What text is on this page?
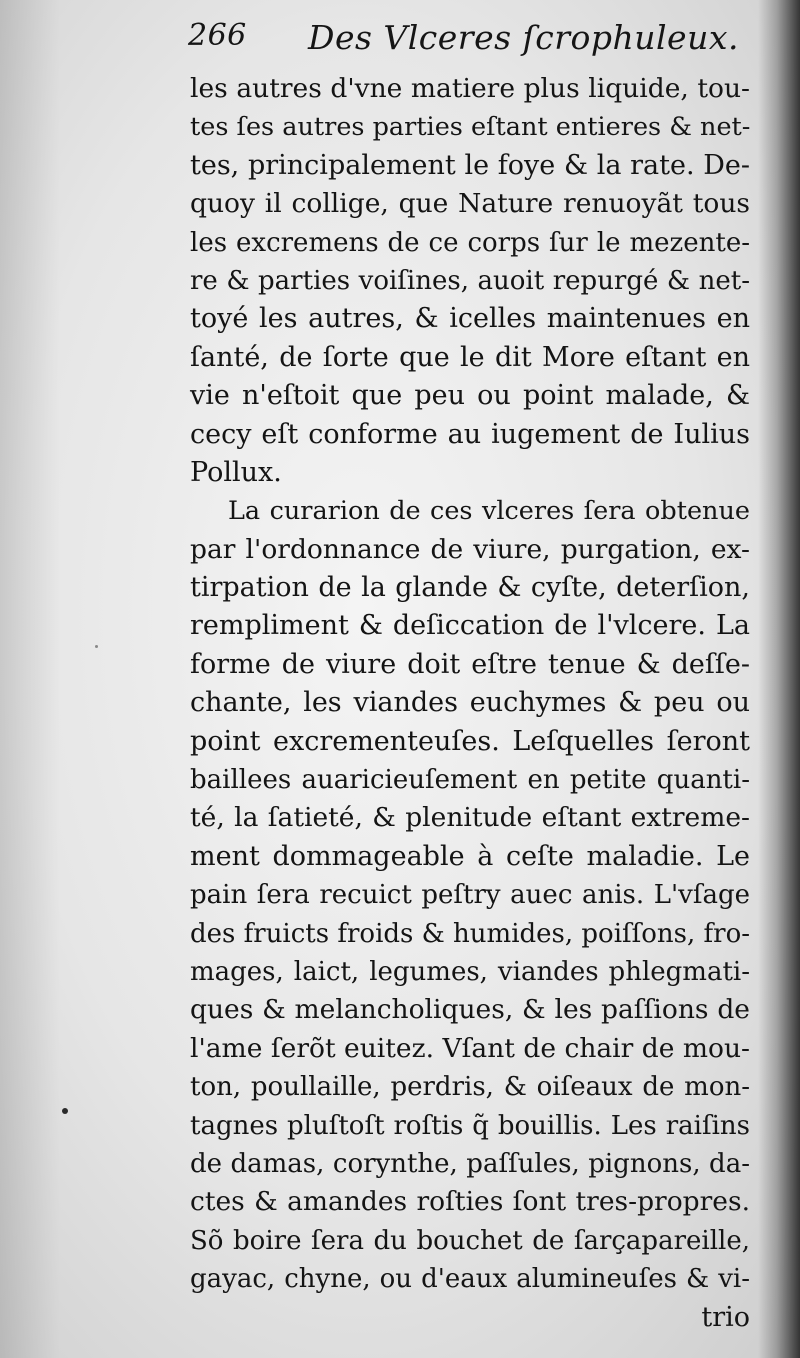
266 Des Vlceres ſcrophuleux.
les autres d'vne matiere plus liquide, tou-
tes ſes autres parties eſtant entieres & net-
tes, principalement le foye & la rate. De-
quoy il collige, que Nature renuoyãt tous
les excremens de ce corps ſur le mezente-
re & parties voiſines, auoit repurgé & net-
toyé les autres, & icelles maintenues en
ſanté, de ſorte que le dit More eſtant en
vie n'eſtoit que peu ou point malade, &
cecy eſt conforme au iugement de Iulius
Pollux.
La curarion de ces vlceres ſera obtenue
par l'ordonnance de viure, purgation, ex-
tirpation de la glande & cyſte, deterſion,
rempliment & deſiccation de l'vlcere. La
forme de viure doit eſtre tenue & deſſe-
chante, les viandes euchymes & peu ou
point excrementeuſes. Leſquelles ſeront
baillees auaricieuſement en petite quanti-
té, la ſatieté, & plenitude eſtant extreme-
ment dommageable à ceſte maladie. Le
pain ſera recuict peſtry auec anis. L'vſage
des fruicts froids & humides, poiſſons, fro-
mages, laict, legumes, viandes phlegmati-
ques & melancholiques, & les paſſions de
l'ame ſerõt euitez. Vſant de chair de mou-
ton, poullaille, perdris, & oiſeaux de mon-
tagnes pluſtoſt roſtis q̃ bouillis. Les raiſins
de damas, corynthe, paſſules, pignons, da-
ctes & amandes roſties ſont tres-propres.
Sõ boire ſera du bouchet de ſarçapareille,
gayac, chyne, ou d'eaux alumineuſes & vi-
trio
